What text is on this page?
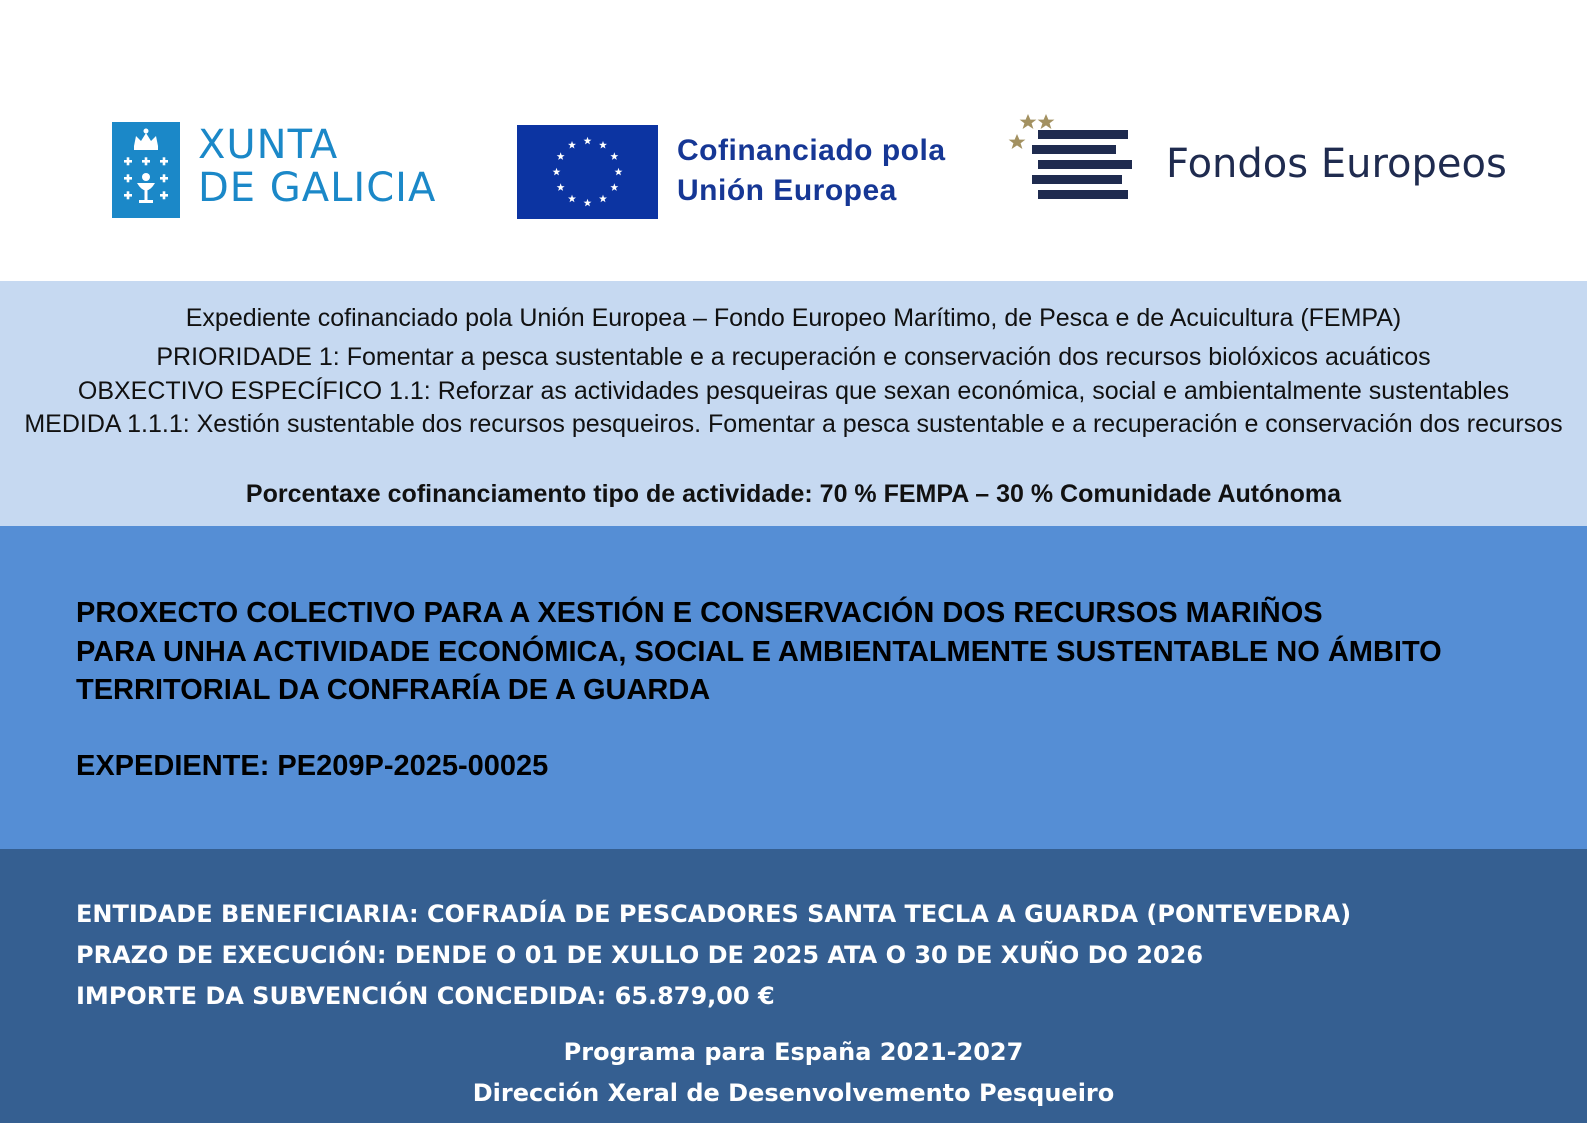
XUNTA
DE GALICIA
Cofinanciado pola
Unión Europea
Fondos Europeos
Expediente cofinanciado pola Unión Europea – Fondo Europeo Marítimo, de Pesca e de Acuicultura (FEMPA)
PRIORIDADE 1: Fomentar a pesca sustentable e a recuperación e conservación dos recursos biolóxicos acuáticos
OBXECTIVO ESPECÍFICO 1.1: Reforzar as actividades pesqueiras que sexan económica, social e ambientalmente sustentables
MEDIDA 1.1.1: Xestión sustentable dos recursos pesqueiros. Fomentar a pesca sustentable e a recuperación e conservación dos recursos
Porcentaxe cofinanciamento tipo de actividade: 70 % FEMPA – 30 % Comunidade Autónoma
PROXECTO COLECTIVO PARA A XESTIÓN E CONSERVACIÓN DOS RECURSOS MARIÑOS
PARA UNHA ACTIVIDADE ECONÓMICA, SOCIAL E AMBIENTALMENTE SUSTENTABLE NO ÁMBITO
TERRITORIAL DA CONFRARÍA DE A GUARDA
EXPEDIENTE: PE209P-2025-00025
ENTIDADE BENEFICIARIA: COFRADÍA DE PESCADORES SANTA TECLA A GUARDA (PONTEVEDRA)
PRAZO DE EXECUCIÓN: DENDE O 01 DE XULLO DE 2025 ATA O 30 DE XUÑO DO 2026
IMPORTE DA SUBVENCIÓN CONCEDIDA: 65.879,00 €
Programa para España 2021-2027
Dirección Xeral de Desenvolvemento Pesqueiro
